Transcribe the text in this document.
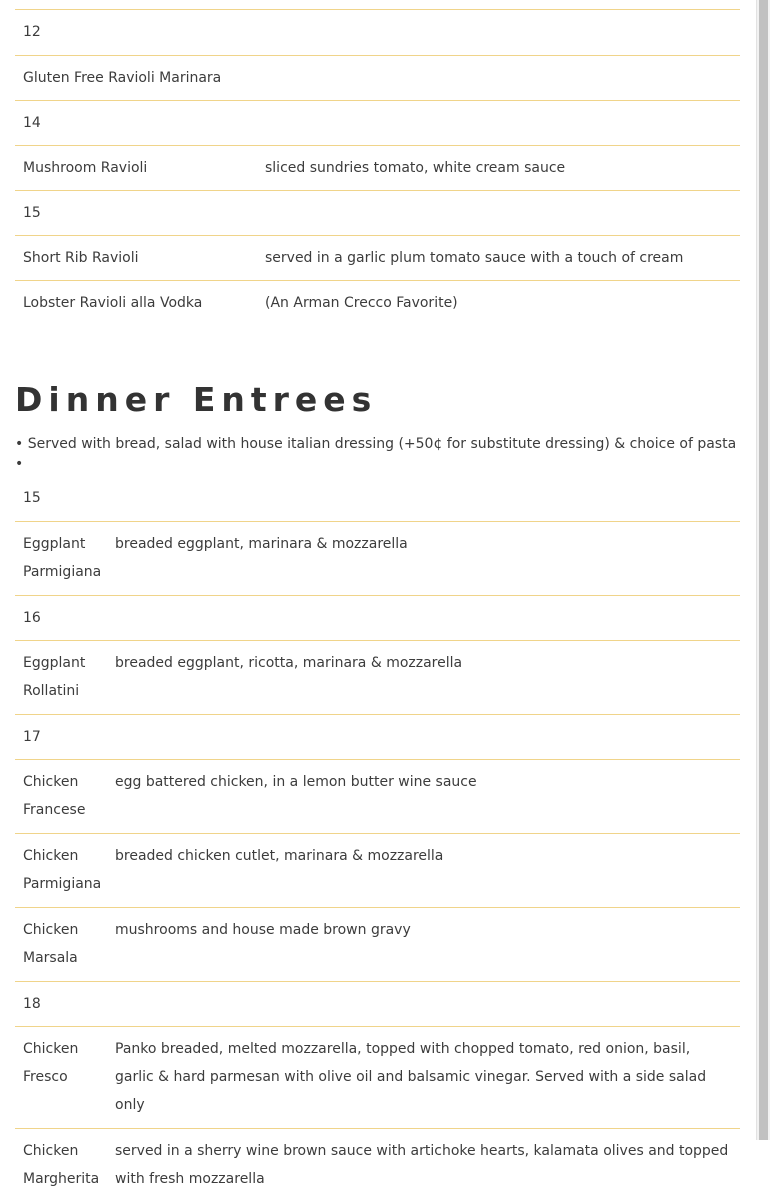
12	
Gluten Free Ravioli Marinara	
14	
Mushroom Ravioli	sliced sundries tomato, white cream sauce
15	
Short Rib Ravioli	served in a garlic plum tomato sauce with a touch of cream
Lobster Ravioli alla Vodka	(An Arman Crecco Favorite)
Dinner Entrees

• Served with bread, salad with house italian dressing (+50¢ for substitute dressing) & choice of pasta •

15	
Eggplant Parmigiana	breaded eggplant, marinara & mozzarella
16	
Eggplant Rollatini	breaded eggplant, ricotta, marinara & mozzarella
17	
Chicken Francese	egg battered chicken, in a lemon butter wine sauce
Chicken Parmigiana	breaded chicken cutlet, marinara & mozzarella
Chicken Marsala	mushrooms and house made brown gravy
18	
Chicken Fresco	Panko breaded, melted mozzarella, topped with chopped tomato, red onion, basil, garlic & hard parmesan with olive oil and balsamic vinegar. Served with a side salad only
Chicken Margherita	served in a sherry wine brown sauce with artichoke hearts, kalamata olives and topped with fresh mozzarella
